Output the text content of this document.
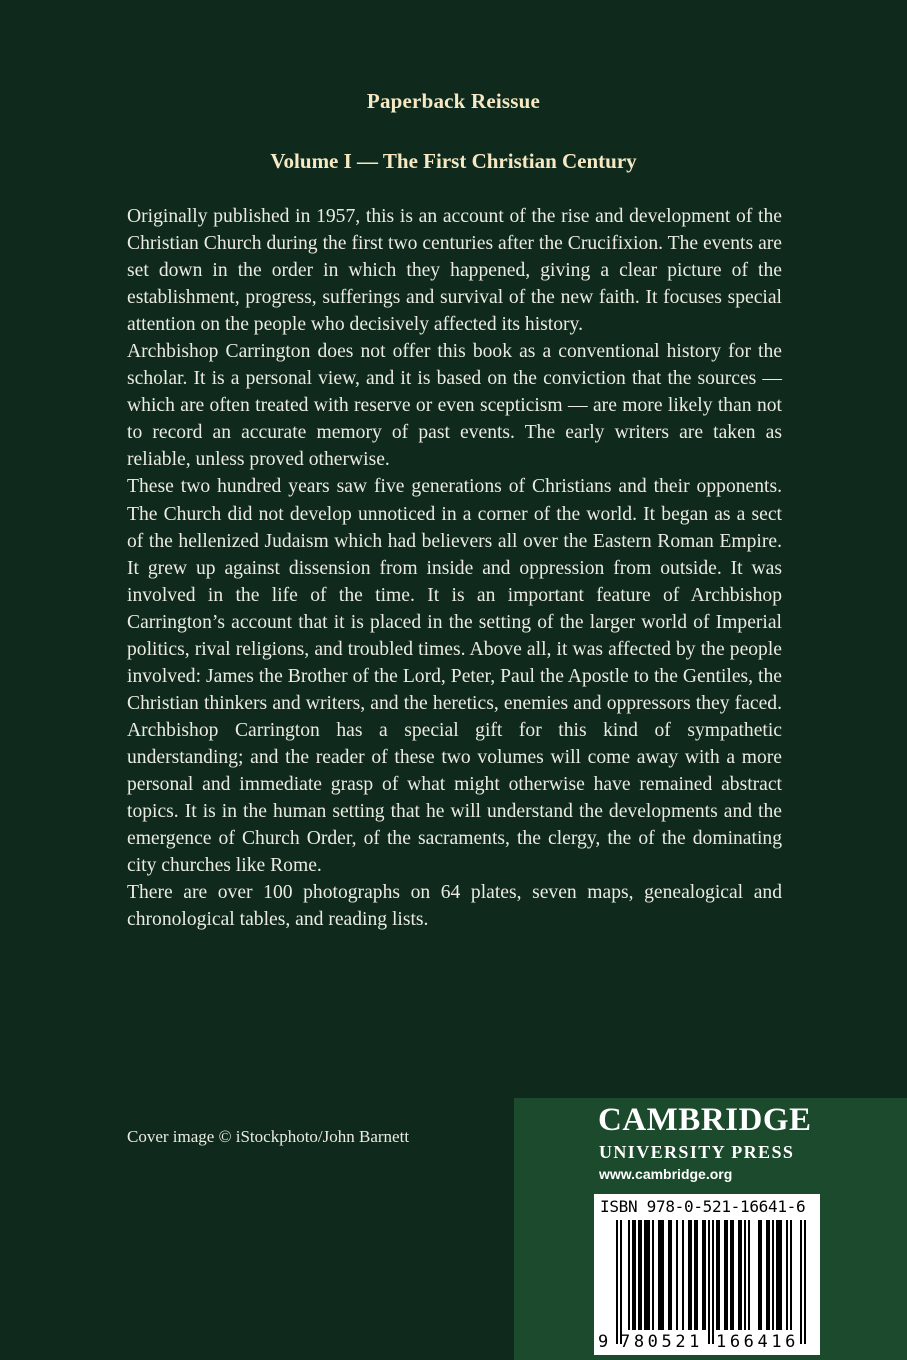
Paperback Reissue
Volume I — The First Christian Century

Originally published in 1957, this is an account of the rise and development of the Christian Church during the first two centuries after the Crucifixion. The events are set down in the order in which they happened, giving a clear picture of the establishment, progress, sufferings and survival of the new faith. It focuses special attention on the people who decisively affected its history.

Archbishop Carrington does not offer this book as a conventional history for the scholar. It is a personal view, and it is based on the conviction that the sources — which are often treated with reserve or even scepticism — are more likely than not to record an accurate memory of past events. The early writers are taken as reliable, unless proved otherwise.

These two hundred years saw five generations of Christians and their opponents. The Church did not develop unnoticed in a corner of the world. It began as a sect of the hellenized Judaism which had believers all over the Eastern Roman Empire. It grew up against dissension from inside and oppression from outside. It was involved in the life of the time. It is an important feature of Archbishop Carrington’s account that it is placed in the setting of the larger world of Imperial politics, rival religions, and troubled times. Above all, it was affected by the people involved: James the Brother of the Lord, Peter, Paul the Apostle to the Gentiles, the Christian thinkers and writers, and the heretics, enemies and oppressors they faced. Archbishop Carrington has a special gift for this kind of sympathetic understanding; and the reader of these two volumes will come away with a more personal and immediate grasp of what might otherwise have remained abstract topics. It is in the human setting that he will understand the developments and the emergence of Church Order, of the sacraments, the clergy, the of the dominating city churches like Rome.

There are over 100 photographs on 64 plates, seven maps, genealogical and chronological tables, and reading lists.

Cover image © iStockphoto/John Barnett	CAMBRIDGE
UNIVERSITY PRESS
www.cambridge.org
ISBN 978-0-521-16641-6
9 780521 166416
